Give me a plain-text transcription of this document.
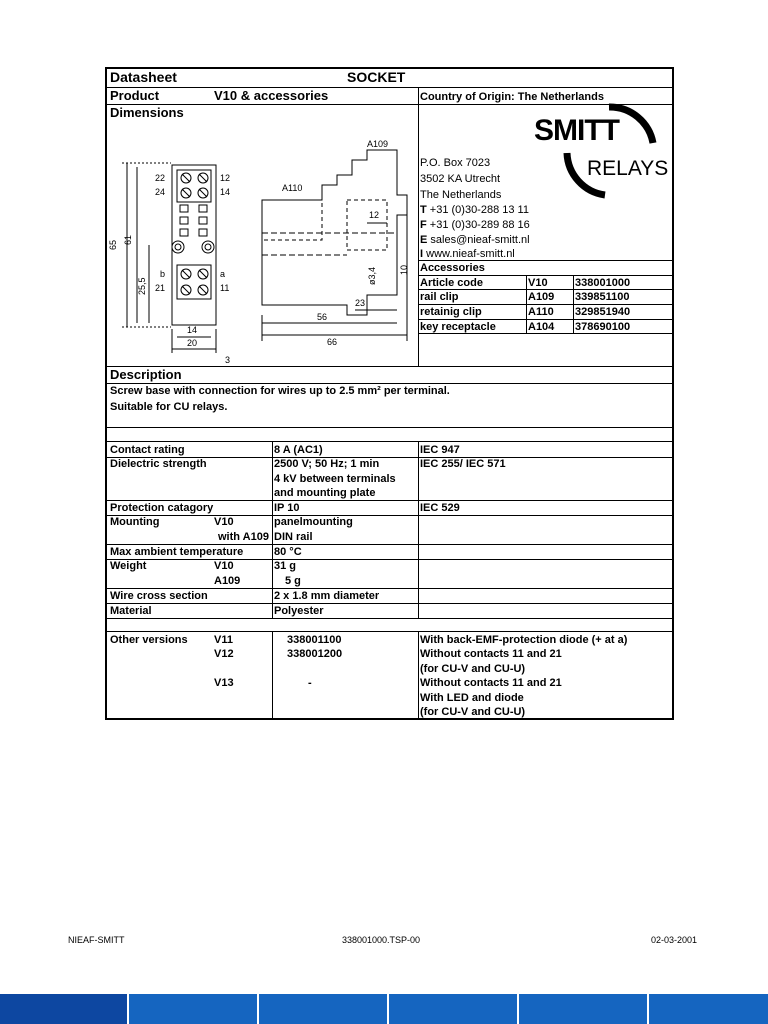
Datasheet	SOCKET
Product	V10 & accessories	Country of Origin: The Netherlands
Dimensions
SMITT
RELAYS
P.O. Box 7023
3502 KA Utrecht
The Netherlands
T +31 (0)30-288 13 11
F +31 (0)30-289 88 16
E sales@nieaf-smitt.nl
I www.nieaf-smitt.nl
Accessories
Article code	V10 338001000
rail clip	A109 339851100
retainig clip	A110 329851940
key receptacle	A104 378690100
A109
A110
22
24
12
14
b
21	11
a
65 61
25,5
14
20
3
56
66
23
12
ø3,4 10
Description
Screw base with connection for wires up to 2.5 mm² per terminal.
Suitable for CU relays.
Contact rating	8 A (AC1)	IEC 947
Dielectric strength	2500 V; 50 Hz; 1 min	IEC 255/ IEC 571
4 kV between terminals
and mounting plate
Protection catagory	IP 10	IEC 529
Mounting	V10	panelmounting
with A109 DIN rail
Max ambient temperature	80 °C
Weight	V10	31 g
A109	5 g
Wire cross section	2 x 1.8 mm diameter
Material	Polyester
Other versions V11	338001100	With back-EMF-protection diode (+ at a)
V12	338001200	Without contacts 11 and 21
(for CU-V and CU-U)
V13	-	Without contacts 11 and 21
With LED and diode
(for CU-V and CU-U)
NIEAF-SMITT	338001000.TSP-00	02-03-2001
